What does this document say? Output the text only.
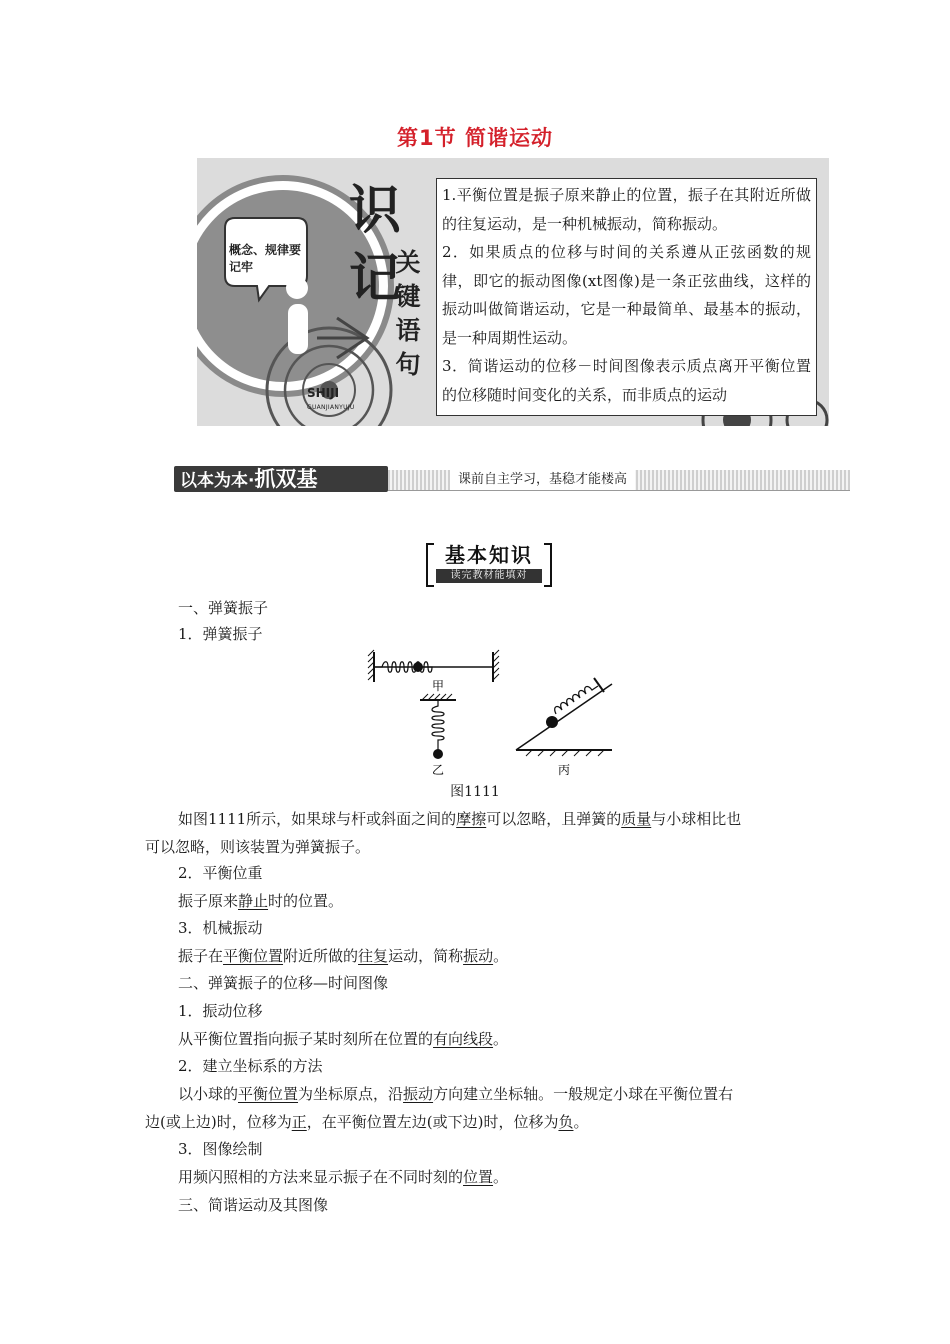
第1节 简谐运动
概念、规律要记牢
识
记
关
键
语
句
SHIJI
GUANJIANYUJU

1.平衡位置是振子原来静止的位置，振子在其附近所做的往复运动，是一种机械振动，简称振动。

2．如果质点的位移与时间的关系遵从正弦函数的规律，即它的振动图像(xt图像)是一条正弦曲线，这样的振动叫做简谐运动，它是一种最简单、最基本的振动，是一种周期性运动。

3．简谐运动的位移－时间图像表示质点离开平衡位置的位移随时间变化的关系，而非质点的运动

以本为本·抓双基	课前自主学习，基稳才能楼高
基本知识
读完教材能填对
一、弹簧振子
1．弹簧振子
甲
乙	丙
图1111
如图1111所示，如果球与杆或斜面之间的摩擦可以忽略，且弹簧的质量与小球相比也
可以忽略，则该装置为弹簧振子。
2．平衡位重
振子原来静止时的位置。
3．机械振动
振子在平衡位置附近所做的往复运动，简称振动。
二、弹簧振子的位移—时间图像
1．振动位移
从平衡位置指向振子某时刻所在位置的有向线段。
2．建立坐标系的方法
以小球的平衡位置为坐标原点，沿振动方向建立坐标轴。一般规定小球在平衡位置右
边(或上边)时，位移为正，在平衡位置左边(或下边)时，位移为负。
3．图像绘制
用频闪照相的方法来显示振子在不同时刻的位置。
三、简谐运动及其图像
